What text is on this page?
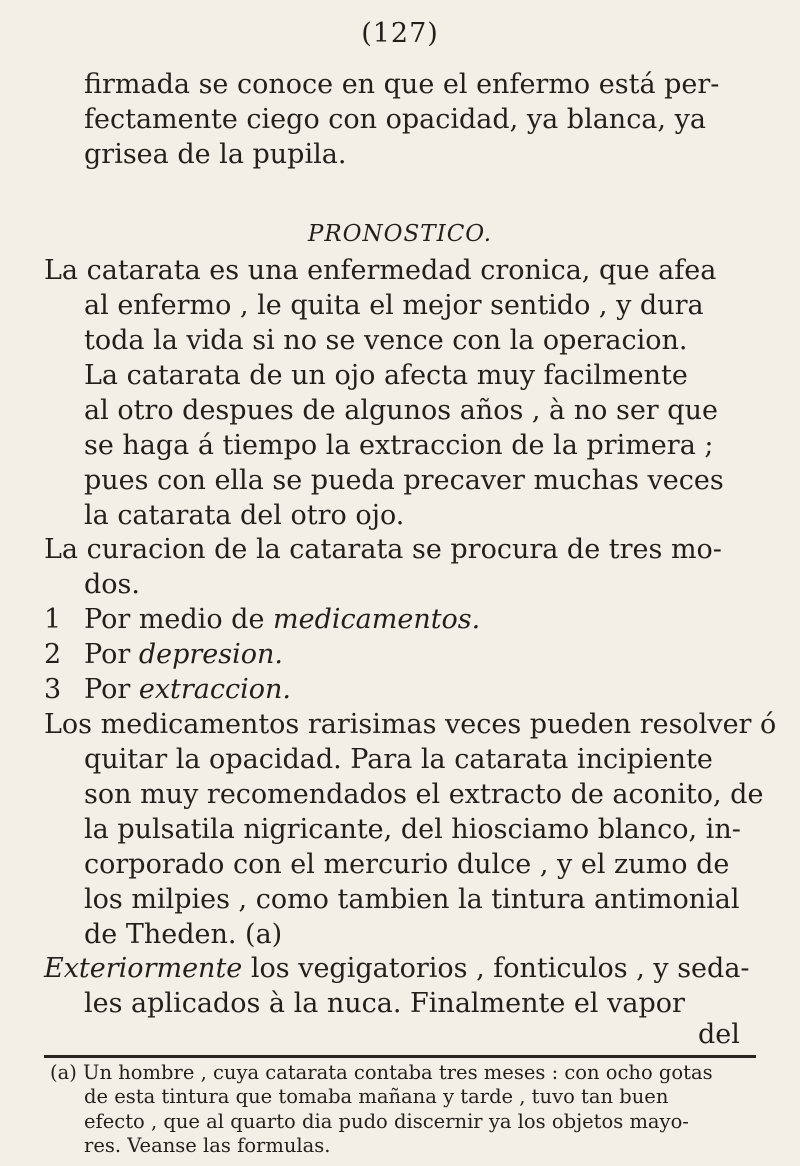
(127)
firmada se conoce en que el enfermo está per-
fectamente ciego con opacidad, ya blanca, ya
grisea de la pupila.
PRONOSTICO.
La catarata es una enfermedad cronica, que afea
al enfermo , le quita el mejor sentido , y dura
toda la vida si no se vence con la operacion.
La catarata de un ojo afecta muy facilmente
al otro despues de algunos años , à no ser que
se haga á tiempo la extraccion de la primera ;
pues con ella se pueda precaver muchas veces
la catarata del otro ojo.
La curacion de la catarata se procura de tres mo-
dos.
1 Por medio de medicamentos.
2 Por depresion.
3 Por extraccion.
Los medicamentos rarisimas veces pueden resolver ó
quitar la opacidad. Para la catarata incipiente
son muy recomendados el extracto de aconito, de
la pulsatila nigricante, del hiosciamo blanco, in-
corporado con el mercurio dulce , y el zumo de
los milpies , como tambien la tintura antimonial
de Theden. (a)
Exteriormente los vegigatorios , fonticulos , y seda-
les aplicados à la nuca. Finalmente el vapor
del
(a) Un hombre , cuya catarata contaba tres meses : con ocho gotas
de esta tintura que tomaba mañana y tarde , tuvo tan buen
efecto , que al quarto dia pudo discernir ya los objetos mayo-
res. Veanse las formulas.
